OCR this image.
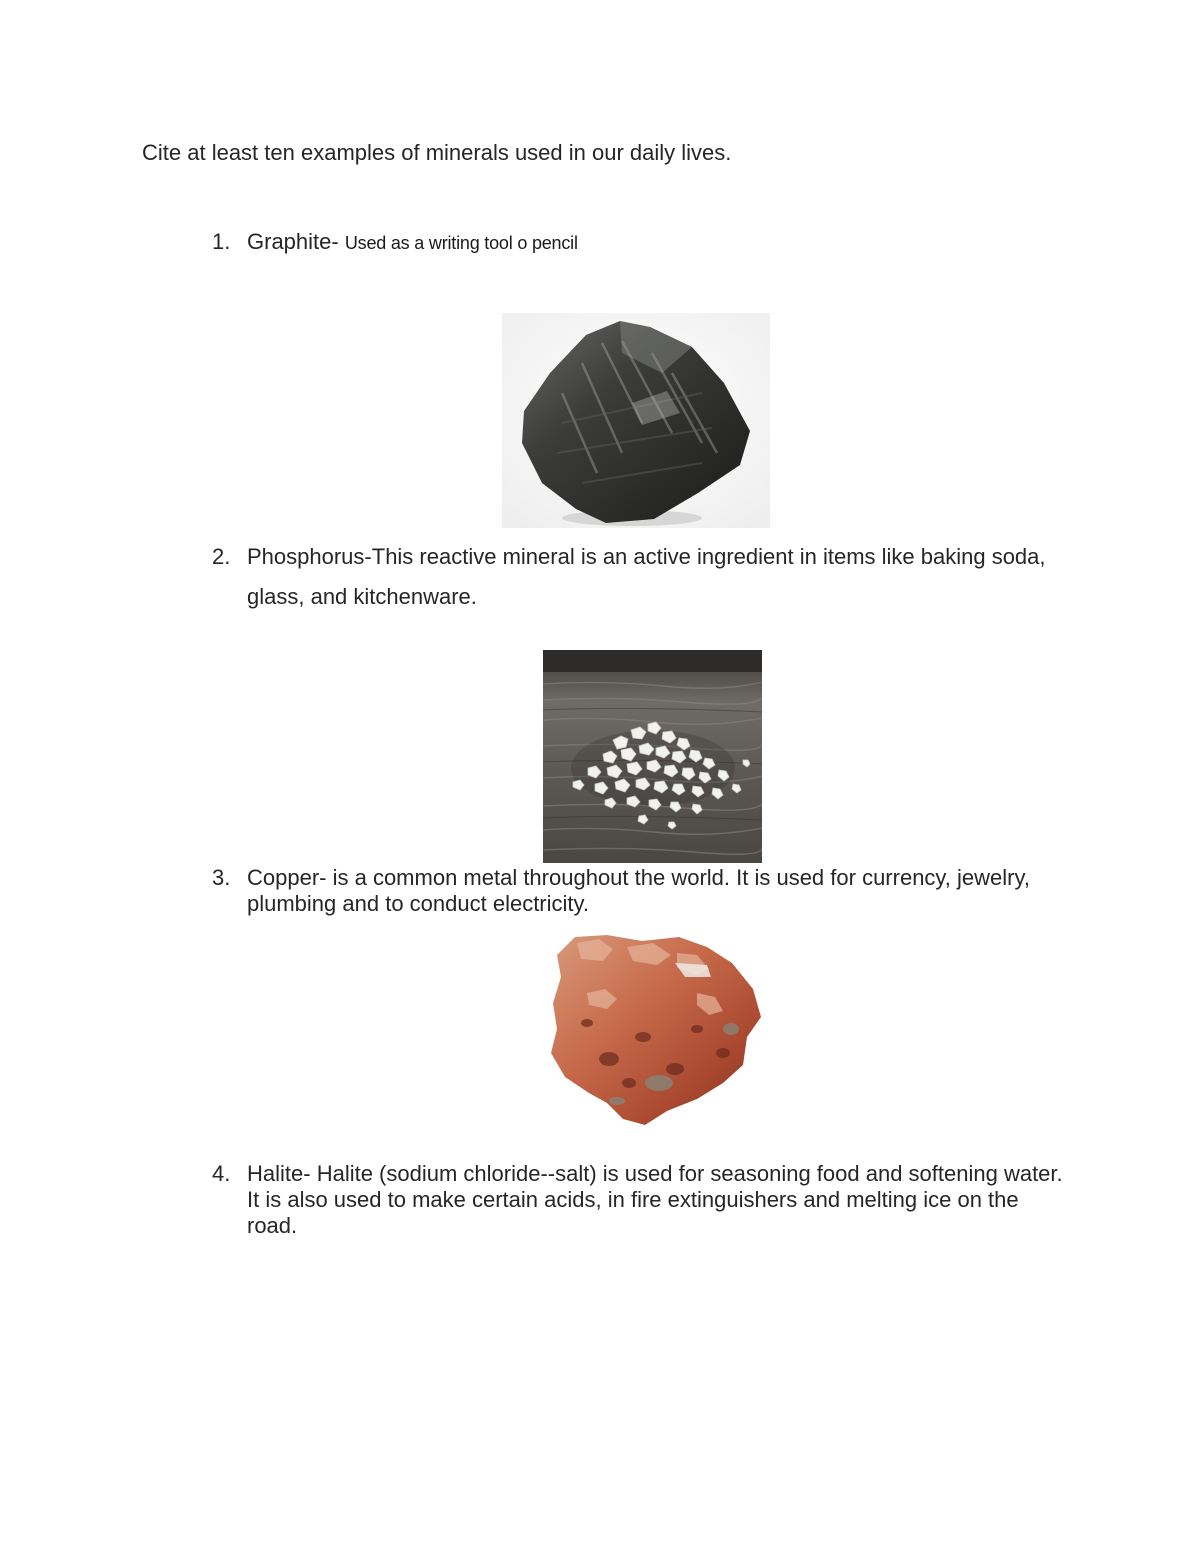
Cite at least ten examples of minerals used in our daily lives.
1. Graphite- Used as a writing tool o pencil
2. Phosphorus-This reactive mineral is an active ingredient in items like baking soda, glass, and kitchenware.
3. Copper- is a common metal throughout the world. It is used for currency, jewelry, plumbing and to conduct electricity.
4. Halite- Halite (sodium chloride--salt) is used for seasoning food and softening water. It is also used to make certain acids, in fire extinguishers and melting ice on the road.
